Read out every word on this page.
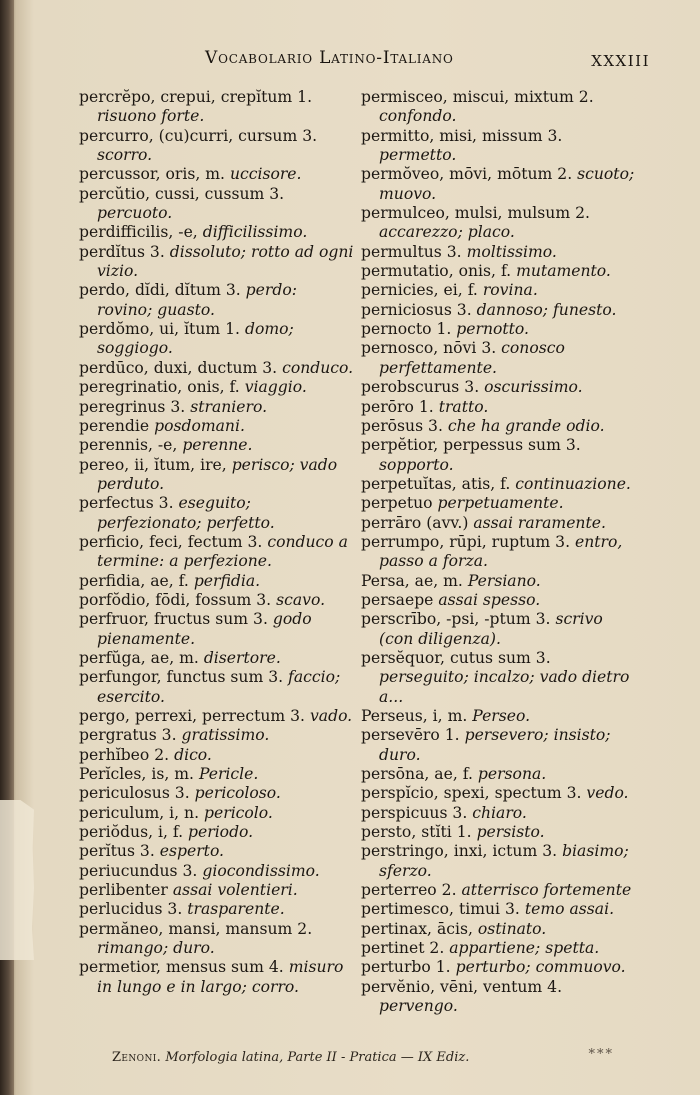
Vocabolario Latino-Italiano	XXXIII

percrĕpo, crepui, crepĭtum 1. risuono forte.

percurro, (cu)curri, cursum 3. scorro.

percussor, oris, m. uccisore.

percŭtio, cussi, cussum 3. percuoto.

perdifficilis, -e, difficilissimo.

perdĭtus 3. dissoluto; rotto ad ogni vizio.

perdo, dĭdi, dĭtum 3. perdo: rovino; guasto.

perdŏmo, ui, ĭtum 1. domo; soggiogo.

perdūco, duxi, ductum 3. conduco.

peregrinatio, onis, f. viaggio.

peregrinus 3. straniero.

perendie posdomani.

perennis, -e, perenne.

pereo, ii, ĭtum, ire, perisco; vado perduto.

perfectus 3. eseguito; perfezionato; perfetto.

perficio, feci, fectum 3. conduco a termine: a perfezione.

perfidia, ae, f. perfidia.

porfŏdio, fōdi, fossum 3. scavo.

perfruor, fructus sum 3. godo pienamente.

perfŭga, ae, m. disertore.

perfungor, functus sum 3. faccio; esercito.

pergo, perrexi, perrectum 3. vado.

pergratus 3. gratissimo.

perhĭbeo 2. dico.

Perĭcles, is, m. Pericle.

periculosus 3. pericoloso.

periculum, i, n. pericolo.

periŏdus, i, f. periodo.

perĭtus 3. esperto.

periucundus 3. giocondissimo.

perlibenter assai volentieri.

perlucidus 3. trasparente.

permăneo, mansi, mansum 2. rimango; duro.

permetior, mensus sum 4. misuro in lungo e in largo; corro.

permisceo, miscui, mixtum 2. confondo.

permitto, misi, missum 3. permetto.

permŏveo, mōvi, mōtum 2. scuoto; muovo.

permulceo, mulsi, mulsum 2. accarezzo; placo.

permultus 3. moltissimo.

permutatio, onis, f. mutamento.

pernicies, ei, f. rovina.

perniciosus 3. dannoso; funesto.

pernocto 1. pernotto.

pernosco, nōvi 3. conosco perfettamente.

perobscurus 3. oscurissimo.

perōro 1. tratto.

perōsus 3. che ha grande odio.

perpĕtior, perpessus sum 3. sopporto.

perpetuĭtas, atis, f. continuazione.

perpetuo perpetuamente.

perrāro (avv.) assai raramente.

perrumpo, rūpi, ruptum 3. entro, passo a forza.

Persa, ae, m. Persiano.

persaepe assai spesso.

perscrībo, -psi, -ptum 3. scrivo (con diligenza).

persĕquor, cutus sum 3. perseguito; incalzo; vado dietro a...

Perseus, i, m. Perseo.

persevēro 1. persevero; insisto; duro.

persōna, ae, f. persona.

perspĭcio, spexi, spectum 3. vedo.

perspicuus 3. chiaro.

persto, stĭti 1. persisto.

perstringo, inxi, ictum 3. biasimo; sferzo.

perterreo 2. atterrisco fortemente

pertimesco, timui 3. temo assai.

pertinax, ācis, ostinato.

pertinet 2. appartiene; spetta.

perturbo 1. perturbo; commuovo.

pervĕnio, vēni, ventum 4. pervengo.

Zenoni. Morfologia latina, Parte II - Pratica — IX Ediz.	***
